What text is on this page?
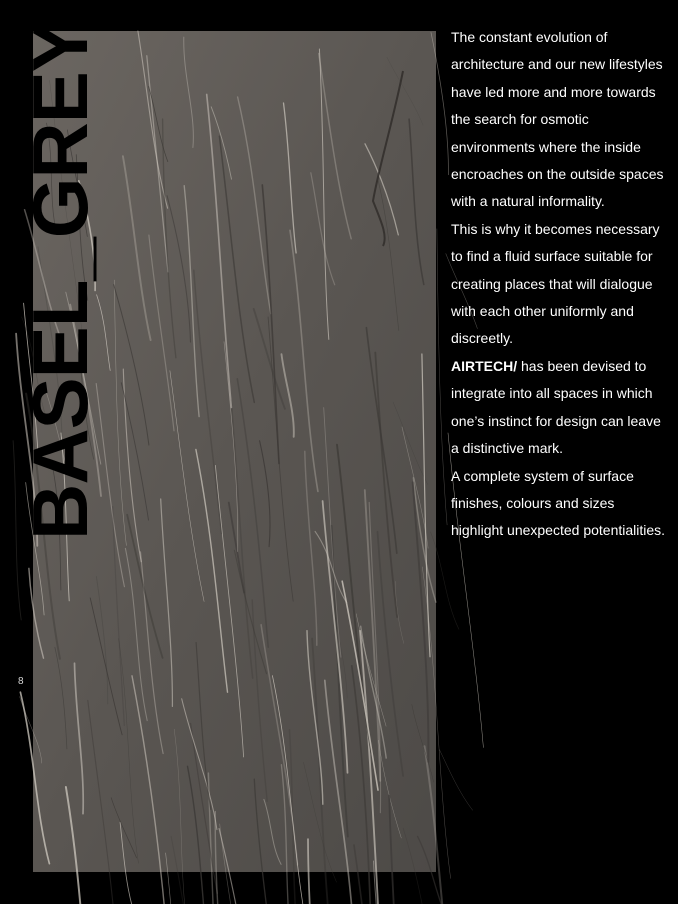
BASEL_GREY
8

The constant evolution of architecture and our new lifestyles have led more and more towards the search for osmotic environments where the inside encroaches on the outside spaces with a natural informality.

This is why it becomes necessary to find a fluid surface suitable for creating places that will dialogue with each other uniformly and discreetly.

AIRTECH/ has been devised to integrate into all spaces in which one’s instinct for design can leave a distinctive mark.

A complete system of surface finishes, colours and sizes highlight unexpected potentialities.
